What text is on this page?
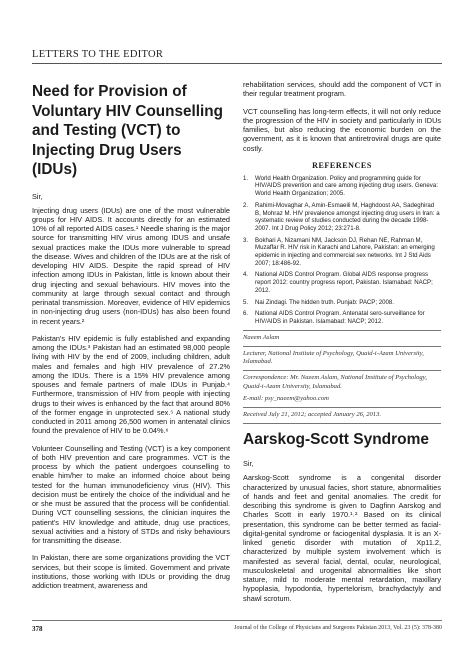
LETTERS TO THE EDITOR
Need for Provision of Voluntary HIV Counselling and Testing (VCT) to Injecting Drug Users (IDUs)
Sir,

Injecting drug users (IDUs) are one of the most vulnerable groups for HIV AIDS. It accounts directly for an estimated 10% of all reported AIDS cases.¹ Needle sharing is the major source for transmitting HIV virus among IDUS and unsafe sexual practices make the IDUs more vulnerable to spread the disease. Wives and children of the IDUs are at the risk of developing HIV AIDS. Despite the rapid spread of HIV infection among IDUs in Pakistan, little is known about their drug injecting and sexual behaviours. HIV moves into the community at large through sexual contact and through perinatal transmission. Moreover, evidence of HIV epidemics in non-injecting drug users (non-IDUs) has also been found in recent years.²

Pakistan's HIV epidemic is fully established and expanding among the IDUs.³ Pakistan had an estimated 98,000 people living with HIV by the end of 2009, including children, adult males and females and high HIV prevalence of 27.2% among the IDUs. There is a 15% HIV prevalence among spouses and female partners of male IDUs in Punjab.⁴ Furthermore, transmission of HIV from people with injecting drugs to their wives is enhanced by the fact that around 80% of the former engage in unprotected sex.⁵ A national study conducted in 2011 among 26,500 women in antenatal clinics found the prevalence of HIV to be 0.04%.⁶

Volunteer Counselling and Testing (VCT) is a key component of both HIV prevention and care programmes. VCT is the process by which the patient undergoes counselling to enable him/her to make an informed choice about being tested for the human immunodeficiency virus (HIV). This decision must be entirely the choice of the individual and he or she must be assured that the process will be confidential. During VCT counselling sessions, the clinician inquires the patient's HIV knowledge and attitude, drug use practices, sexual activities and a history of STDs and risky behaviours for transmitting the disease.

In Pakistan, there are some organizations providing the VCT services, but their scope is limited. Government and private institutions, those working with IDUs or providing the drug addiction treatment, awareness and

rehabilitation services, should add the component of VCT in their regular treatment program.

VCT counselling has long-term effects, it will not only reduce the progression of the HIV in society and particularly in IDUs families, but also reducing the economic burden on the government, as it is known that antiretroviral drugs are quite costly.

REFERENCES
1. World Health Organization. Policy and programming guide for HIV/AIDS prevention and care among injecting drug users. Geneva: World Health Organization; 2005.
2. Rahimi-Movaghar A, Amin-Esmaeili M, Haghdoost AA, Sadeghirad B, Mohraz M. HIV prevalence amongst injecting drug users in Iran: a systematic review of studies conducted during the decade 1998-2007. Int J Drug Policy 2012; 23:271-8.
3. Bokhari A, Nizamani NM, Jackson DJ, Rehan NE, Rahman M, Muzaffar R. HIV risk in Karachi and Lahore, Pakistan: an emerging epidemic in injecting and commercial sex networks. Int J Std Aids 2007; 18:486-92.
4. National AIDS Control Program. Global AIDS response progress report 2012: country progress report, Pakistan. Islamabad: NACP; 2012.
5. Nai Zindagi. The hidden truth. Punjab: PACP; 2008.
6. National AIDS Control Program. Antenatal sero-surveillance for HIV/AIDS in Pakistan. Islamabad: NACP; 2012.
Naeem Aslam
Lecturer, National Institute of Psychology, Quaid-i-Azam University, Islamabad.
Correspondence: Mr. Naeem Aslam, National Institute of Psychology, Quaid-i-Azam University, Islamabad.
E-mail: psy_naeem@yahoo.com
Received July 21, 2012; accepted January 26, 2013.
Aarskog-Scott Syndrome
Sir,

Aarskog-Scott syndrome is a congenital disorder characterized by unusual facies, short stature, abnormalities of hands and feet and genital anomalies. The credit for describing this syndrome is given to Dagfinn Aarskog and Charles Scott in early 1970.¹˒² Based on its clinical presentation, this syndrome can be better termed as facial-digital-genital syndrome or faciogenital dysplasia. It is an X-linked genetic disorder with mutation of Xp11.2, characterized by multiple system involvement which is manifested as several facial, dental, ocular, neurological, musculoskeletal and urogenital abnormalities like short stature, mild to moderate mental retardation, maxillary hypoplasia, hypodontia, hypertelorism, brachydactyly and shawl scrotum.

378	Journal of the College of Physicians and Surgeons Pakistan 2013, Vol. 23 (5): 378-380
